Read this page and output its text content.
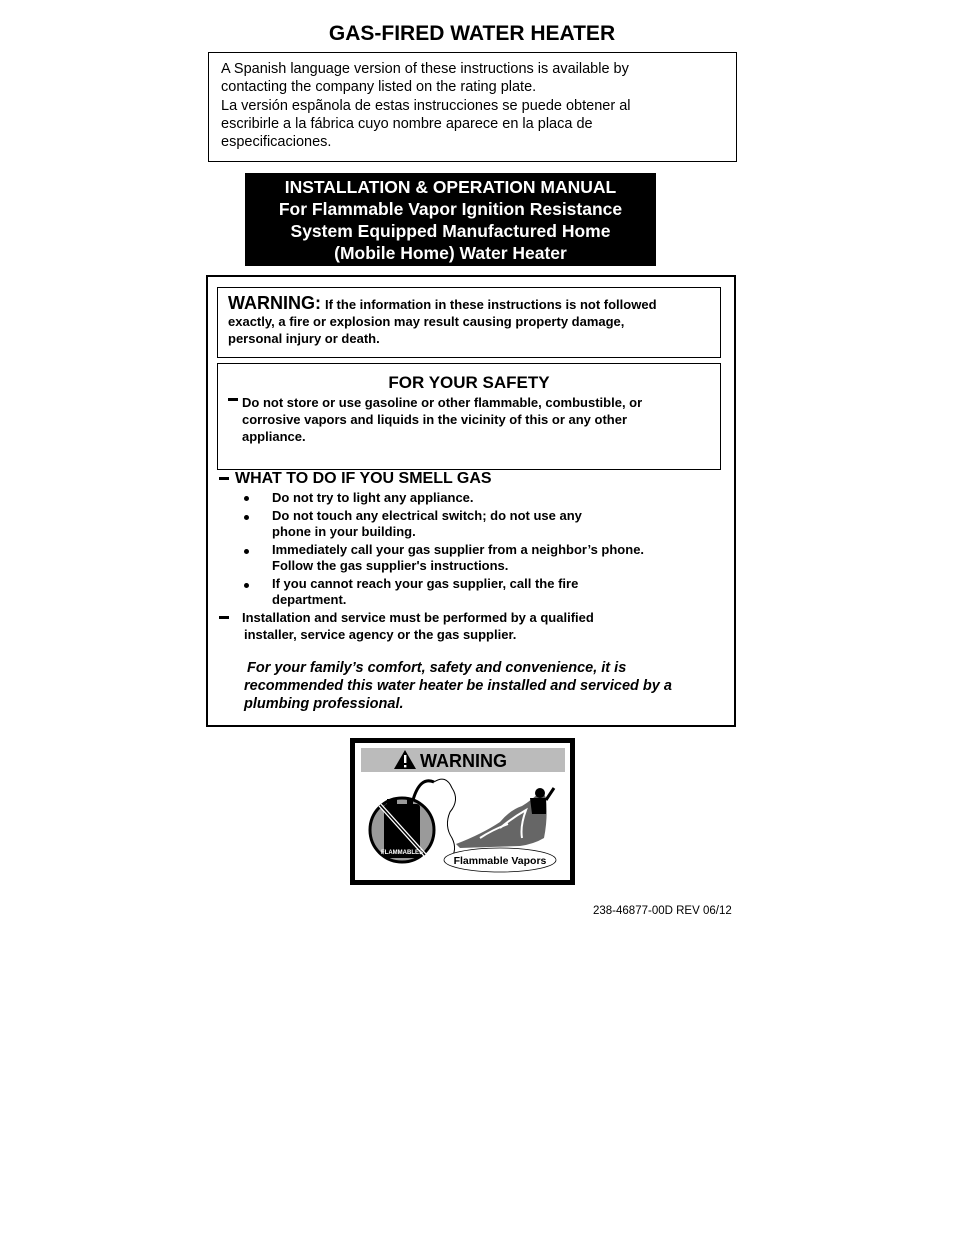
GAS-FIRED WATER HEATER
A Spanish language version of these instructions is available by
contacting the company listed on the rating plate.
La versión espãnola de estas instrucciones se puede obtener al
escribirle a la fábrica cuyo nombre aparece en la placa de
especificaciones.
INSTALLATION & OPERATION MANUAL
For Flammable Vapor Ignition Resistance
System Equipped Manufactured Home
(Mobile Home) Water Heater
WARNING: If the information in these instructions is not followed
exactly, a fire or explosion may result causing property damage,
personal injury or death.
FOR YOUR SAFETY
Do not store or use gasoline or other flammable, combustible, or
corrosive vapors and liquids in the vicinity of this or any other
appliance.
WHAT TO DO IF YOU SMELL GAS
Do not try to light any appliance.
Do not touch any electrical switch; do not use any
phone in your building.
Immediately call your gas supplier from a neighbor’s phone.
Follow the gas supplier's instructions.
If you cannot reach your gas supplier, call the fire
department.
Installation and service must be performed by a qualified
installer, service agency or the gas supplier.
For your family’s comfort, safety and convenience, it is
recommended this water heater be installed and serviced by a
plumbing professional.
WARNING
FLAMMABLES
Flammable Vapors
238-46877-00D REV 06/12
